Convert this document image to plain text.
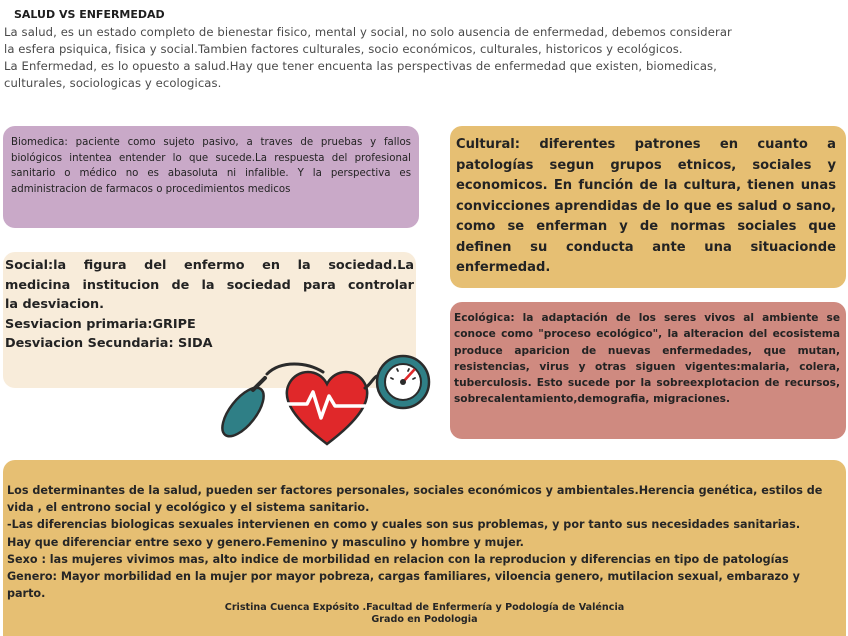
SALUD VS ENFERMEDAD

La salud, es un estado completo de bienestar fisico, mental y social, no solo ausencia de enfermedad, debemos considerar

la esfera psiquica, fisica y social.Tambien factores culturales, socio económicos, culturales, historicos y ecológicos.

La Enfermedad, es lo opuesto a salud.Hay que tener encuenta las perspectivas de enfermedad que existen, biomedicas,

culturales, sociologicas y ecologicas.

Biomedica: paciente como sujeto pasivo, a traves de pruebas y fallos biológicos intentea entender lo que sucede.La respuesta del profesional sanitario o médico no es abasoluta ni infalible. Y la perspectiva es administracion de farmacos o procedimientos medicos
Cultural: diferentes patrones en cuanto a patologías segun grupos etnicos, sociales y economicos. En función de la cultura, tienen unas convicciones aprendidas de lo que es salud o sano, como se enferman y de normas sociales que definen su conducta ante una situacionde enfermedad.
Social:la figura del enfermo en la sociedad.La
medicina institucion de la sociedad para controlar
la desviacion.
Sesviacion primaria:GRIPE
Desviacion Secundaria: SIDA
Ecológica: la adaptación de los seres vivos al ambiente se conoce como "proceso ecológico", la alteracion del ecosistema produce aparicion de nuevas enfermedades, que mutan, resistencias, virus y otras siguen vigentes:malaria, colera, tuberculosis. Esto sucede por la sobreexplotacion de recursos, sobrecalentamiento,demografia, migraciones.
Los determinantes de la salud, pueden ser factores personales, sociales económicos y ambientales.Herencia genética, estilos de vida , el entrono social y ecológico y el sistema sanitario.
-Las diferencias biologicas sexuales intervienen en como y cuales son sus problemas, y por tanto sus necesidades sanitarias.
Hay que diferenciar entre sexo y genero.Femenino y masculino y hombre y mujer.
Sexo : las mujeres vivimos mas, alto indice de morbilidad en relacion con la reproducion y diferencias en tipo de patologías
Genero: Mayor morbilidad en la mujer por mayor pobreza, cargas familiares, viloencia genero, mutilacion sexual, embarazo y parto.
Cristina Cuenca Expósito .Facultad de Enfermería y Podología de Valéncia
Grado en Podologia
